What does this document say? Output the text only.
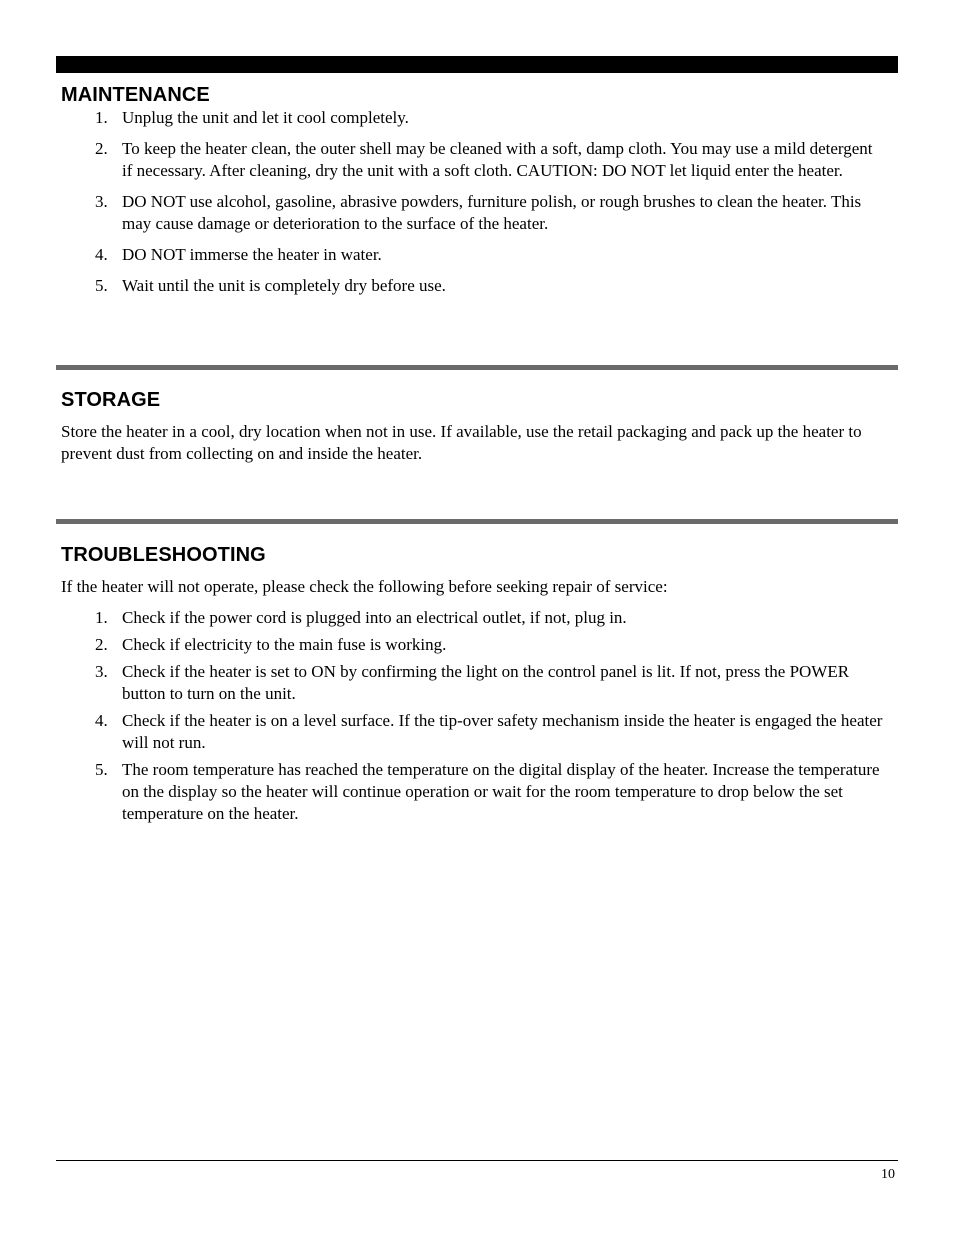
MAINTENANCE
1. Unplug the unit and let it cool completely.
2. To keep the heater clean, the outer shell may be cleaned with a soft, damp cloth. You may use a mild detergent if necessary. After cleaning, dry the unit with a soft cloth. CAUTION: DO NOT let liquid enter the heater.
3. DO NOT use alcohol, gasoline, abrasive powders, furniture polish, or rough brushes to clean the heater. This may cause damage or deterioration to the surface of the heater.
4. DO NOT immerse the heater in water.
5. Wait until the unit is completely dry before use.
STORAGE

Store the heater in a cool, dry location when not in use. If available, use the retail packaging and pack up the heater to prevent dust from collecting on and inside the heater.

TROUBLESHOOTING

If the heater will not operate, please check the following before seeking repair of service:

1. Check if the power cord is plugged into an electrical outlet, if not, plug in.
2. Check if electricity to the main fuse is working.
3. Check if the heater is set to ON by confirming the light on the control panel is lit. If not, press the POWER button to turn on the unit.
4. Check if the heater is on a level surface. If the tip-over safety mechanism inside the heater is engaged the heater will not run.
5. The room temperature has reached the temperature on the digital display of the heater. Increase the temperature on the display so the heater will continue operation or wait for the room temperature to drop below the set temperature on the heater.
10
